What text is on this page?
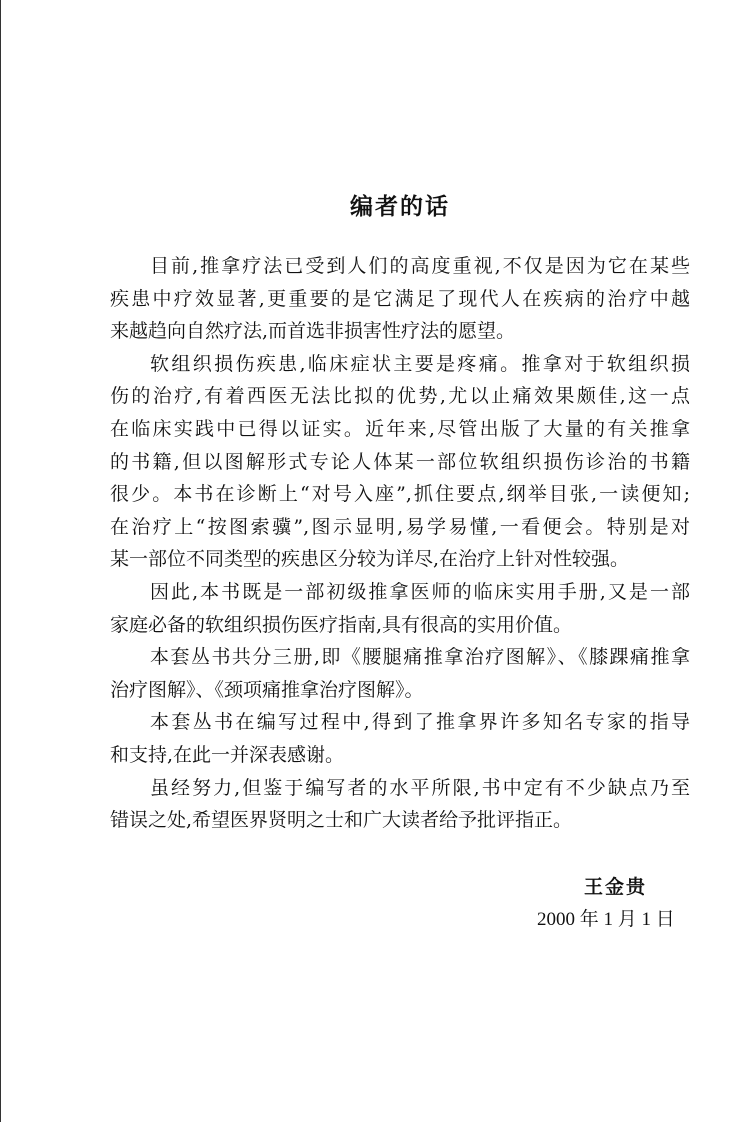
编者的话
目前,推拿疗法已受到人们的高度重视,不仅是因为它在某些
疾患中疗效显著,更重要的是它满足了现代人在疾病的治疗中越
来越趋向自然疗法,而首选非损害性疗法的愿望。
软组织损伤疾患,临床症状主要是疼痛。推拿对于软组织损
伤的治疗,有着西医无法比拟的优势,尤以止痛效果颇佳,这一点
在临床实践中已得以证实。近年来,尽管出版了大量的有关推拿
的书籍,但以图解形式专论人体某一部位软组织损伤诊治的书籍
很少。本书在诊断上“对号入座”,抓住要点,纲举目张,一读便知;
在治疗上“按图索骥”,图示显明,易学易懂,一看便会。特别是对
某一部位不同类型的疾患区分较为详尽,在治疗上针对性较强。
因此,本书既是一部初级推拿医师的临床实用手册,又是一部
家庭必备的软组织损伤医疗指南,具有很高的实用价值。
本套丛书共分三册,即《腰腿痛推拿治疗图解》、《膝踝痛推拿
治疗图解》、《颈项痛推拿治疗图解》。
本套丛书在编写过程中,得到了推拿界许多知名专家的指导
和支持,在此一并深表感谢。
虽经努力,但鉴于编写者的水平所限,书中定有不少缺点乃至
错误之处,希望医界贤明之士和广大读者给予批评指正。
王金贵
2000 年 1 月 1 日
